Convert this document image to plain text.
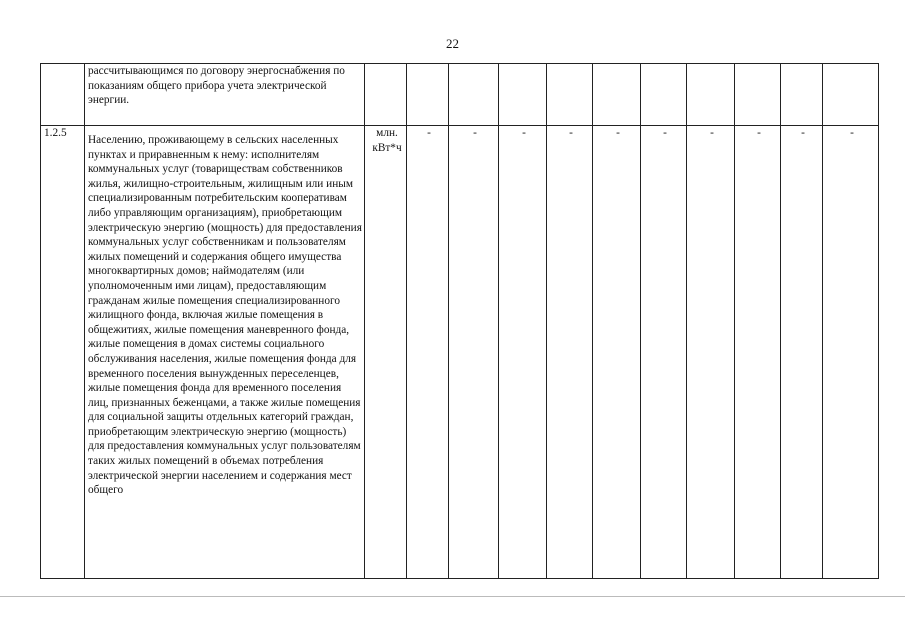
22
	рассчитывающимся по договору энергоснабжения по показаниям общего прибора учета электрической энергии.											
1.2.5	Населению, проживающему в сельских населенных пунктах и приравненным к нему: исполнителям коммунальных услуг (товариществам собственников жилья, жилищно-строительным, жилищным или иным специализированным потребительским кооперативам либо управляющим организациям), приобретающим электрическую энергию (мощность) для предоставления коммунальных услуг собственникам и пользователям жилых помещений и содержания общего имущества многоквартирных домов; наймодателям (или уполномоченным ими лицам), предоставляющим гражданам жилые помещения специализированного жилищного фонда, включая жилые помещения в общежитиях, жилые помещения маневренного фонда, жилые помещения в домах системы социального обслуживания населения, жилые помещения фонда для временного поселения вынужденных переселенцев, жилые помещения фонда для временного поселения лиц, признанных беженцами, а также жилые помещения для социальной защиты отдельных категорий граждан, приобретающим электрическую энергию (мощность) для предоставления коммунальных услуг пользователям таких жилых помещений в объемах потребления электрической энергии населением и содержания мест общего	млн. кВт*ч	-	-	-	-	-	-	-	-	-	-
